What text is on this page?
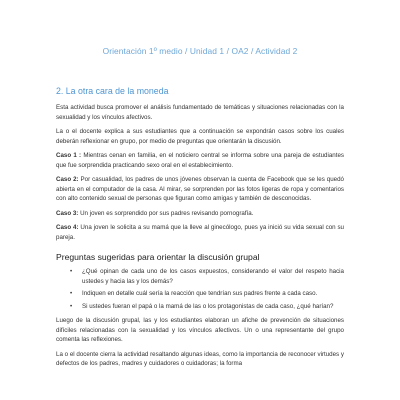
Orientación 1º medio / Unidad 1 / OA2 / Actividad 2
2. La otra cara de la moneda

Esta actividad busca promover el análisis fundamentado de temáticas y situaciones relacionadas con la sexualidad y los vínculos afectivos.

La o el docente explica a sus estudiantes que a continuación se expondrán casos sobre los cuales deberán reflexionar en grupo, por medio de preguntas que orientarán la discusión.

Caso 1 : Mientras cenan en familia, en el noticiero central se informa sobre una pareja de estudiantes que fue sorprendida practicando sexo oral en el establecimiento.

Caso 2: Por casualidad, los padres de unos jóvenes observan la cuenta de Facebook que se les quedó abierta en el computador de la casa. Al mirar, se sorprenden por las fotos ligeras de ropa y comentarios con alto contenido sexual de personas que figuran como amigas y también de desconocidas.

Caso 3: Un joven es sorprendido por sus padres revisando pornografía.

Caso 4: Una joven le solicita a su mamá que la lleve al ginecólogo, pues ya inició su vida sexual con su pareja.

Preguntas sugeridas para orientar la discusión grupal
• ¿Qué opinan de cada uno de los casos expuestos, considerando el valor del respeto hacia ustedes y hacia las y los demás?
• Indiquen en detalle cuál sería la reacción que tendrían sus padres frente a cada caso.
• Si ustedes fueran el papá o la mamá de las o los protagonistas de cada caso, ¿qué harían?

Luego de la discusión grupal, las y los estudiantes elaboran un afiche de prevención de situaciones difíciles relacionadas con la sexualidad y los vínculos afectivos. Un o una representante del grupo comenta las reflexiones.

La o el docente cierra la actividad resaltando algunas ideas, como la importancia de reconocer virtudes y defectos de los padres, madres y cuidadores o cuidadoras; la forma
